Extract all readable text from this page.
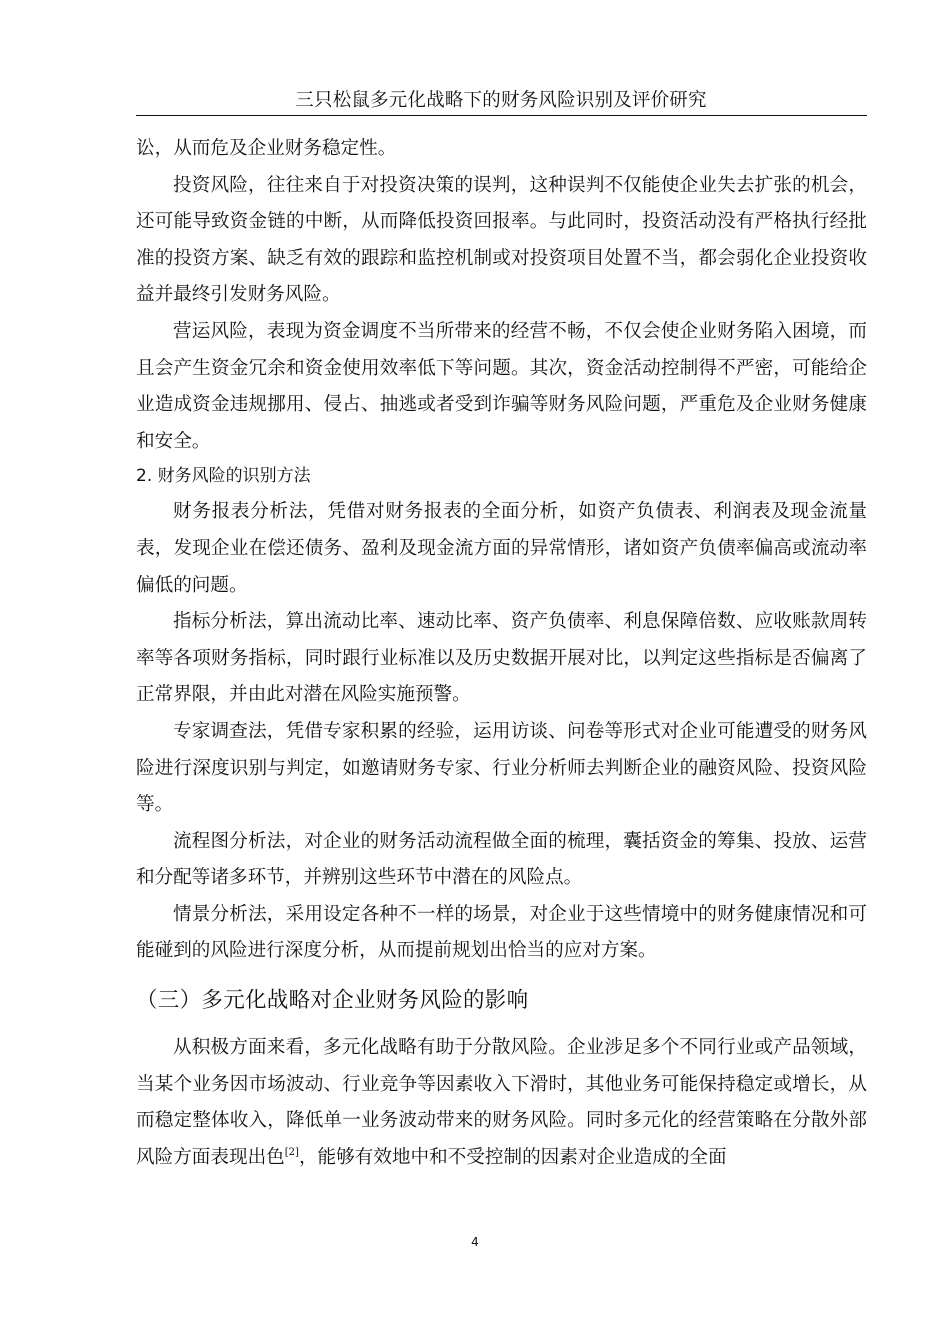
三只松鼠多元化战略下的财务风险识别及评价研究

讼，从而危及企业财务稳定性。

投资风险，往往来自于对投资决策的误判，这种误判不仅能使企业失去扩张的机会，还可能导致资金链的中断，从而降低投资回报率。与此同时，投资活动没有严格执行经批准的投资方案、缺乏有效的跟踪和监控机制或对投资项目处置不当，都会弱化企业投资收益并最终引发财务风险。

营运风险，表现为资金调度不当所带来的经营不畅，不仅会使企业财务陷入困境，而且会产生资金冗余和资金使用效率低下等问题。其次，资金活动控制得不严密，可能给企业造成资金违规挪用、侵占、抽逃或者受到诈骗等财务风险问题，严重危及企业财务健康和安全。

2. 财务风险的识别方法

财务报表分析法，凭借对财务报表的全面分析，如资产负债表、利润表及现金流量表，发现企业在偿还债务、盈利及现金流方面的异常情形，诸如资产负债率偏高或流动率偏低的问题。

指标分析法，算出流动比率、速动比率、资产负债率、利息保障倍数、应收账款周转率等各项财务指标，同时跟行业标准以及历史数据开展对比，以判定这些指标是否偏离了正常界限，并由此对潜在风险实施预警。

专家调查法，凭借专家积累的经验，运用访谈、问卷等形式对企业可能遭受的财务风险进行深度识别与判定，如邀请财务专家、行业分析师去判断企业的融资风险、投资风险等。

流程图分析法，对企业的财务活动流程做全面的梳理，囊括资金的筹集、投放、运营和分配等诸多环节，并辨别这些环节中潜在的风险点。

情景分析法，采用设定各种不一样的场景，对企业于这些情境中的财务健康情况和可能碰到的风险进行深度分析，从而提前规划出恰当的应对方案。

（三）多元化战略对企业财务风险的影响

从积极方面来看，多元化战略有助于分散风险。企业涉足多个不同行业或产品领域，当某个业务因市场波动、行业竞争等因素收入下滑时，其他业务可能保持稳定或增长，从而稳定整体收入，降低单一业务波动带来的财务风险。同时多元化的经营策略在分散外部风险方面表现出色[2]，能够有效地中和不受控制的因素对企业造成的全面

4
